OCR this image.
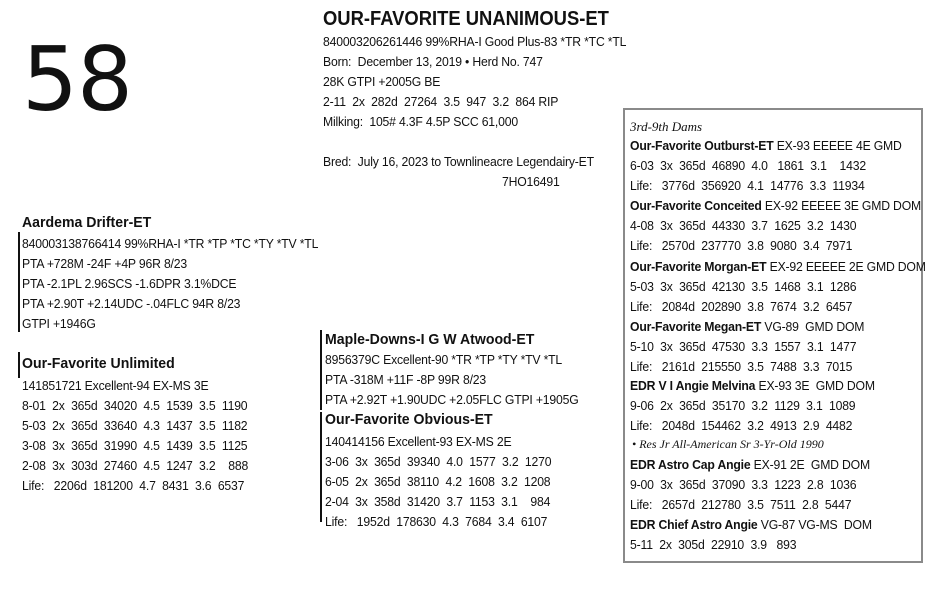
58
OUR-FAVORITE UNANIMOUS-ET
840003206261446 99%RHA-I Good Plus-83 *TR *TC *TL
Born:  December 13, 2019 • Herd No. 747
28K GTPI +2005G BE
2-11  2x  282d  27264  3.5  947  3.2  864 RIP
Milking:  105# 4.3F 4.5P SCC 61,000
Bred:  July 16, 2023 to Townlineacre Legendairy-ET
7HO16491
Aardema Drifter-ET
840003138766414 99%RHA-I *TR *TP *TC *TY *TV *TL
PTA +728M -24F +4P 96R 8/23
PTA -2.1PL 2.96SCS -1.6DPR 3.1%DCE
PTA +2.90T +2.14UDC -.04FLC 94R 8/23
GTPI +1946G
Our-Favorite Unlimited
141851721 Excellent-94 EX-MS 3E
8-01  2x  365d  34020  4.5  1539  3.5  1190
5-03  2x  365d  33640  4.3  1437  3.5  1182
3-08  3x  365d  31990  4.5  1439  3.5  1125
2-08  3x  303d  27460  4.5  1247  3.2    888
Life:   2206d  181200  4.7  8431  3.6  6537
Maple-Downs-I G W Atwood-ET
8956379C Excellent-90 *TR *TP *TY *TV *TL
PTA -318M +11F -8P 99R 8/23
PTA +2.92T +1.90UDC +2.05FLC GTPI +1905G
Our-Favorite Obvious-ET
140414156 Excellent-93 EX-MS 2E
3-06  3x  365d  39340  4.0  1577  3.2  1270
6-05  2x  365d  38110  4.2  1608  3.2  1208
2-04  3x  358d  31420  3.7  1153  3.1    984
Life:   1952d  178630  4.3  7684  3.4  6107
3rd-9th Dams
Our-Favorite Outburst-ET EX-93 EEEEE 4E GMD
6-03  3x  365d  46890  4.0   1861  3.1    1432
Life:   3776d  356920  4.1  14776  3.3  11934
Our-Favorite Conceited EX-92 EEEEE 3E GMD DOM
4-08  3x  365d  44330  3.7  1625  3.2  1430
Life:   2570d  237770  3.8  9080  3.4  7971
Our-Favorite Morgan-ET EX-92 EEEEE 2E GMD DOM
5-03  3x  365d  42130  3.5  1468  3.1  1286
Life:   2084d  202890  3.8  7674  3.2  6457
Our-Favorite Megan-ET VG-89  GMD DOM
5-10  3x  365d  47530  3.3  1557  3.1  1477
Life:   2161d  215550  3.5  7488  3.3  7015
EDR V I Angie Melvina EX-93 3E  GMD DOM
9-06  2x  365d  35170  3.2  1129  3.1  1089
Life:   2048d  154462  3.2  4913  2.9  4482
• Res Jr All-American Sr 3-Yr-Old 1990
EDR Astro Cap Angie EX-91 2E  GMD DOM
9-00  3x  365d  37090  3.3  1223  2.8  1036
Life:   2657d  212780  3.5  7511  2.8  5447
EDR Chief Astro Angie VG-87 VG-MS  DOM
5-11  2x  305d  22910  3.9   893
